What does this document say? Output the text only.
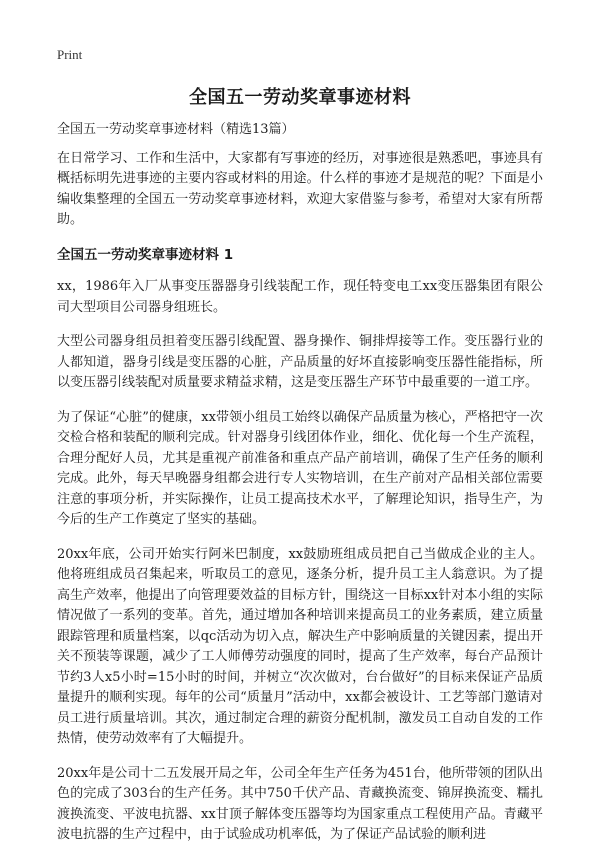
Print
全国五一劳动奖章事迹材料

全国五一劳动奖章事迹材料（精选13篇）

在日常学习、工作和生活中，大家都有写事迹的经历，对事迹很是熟悉吧，事迹具有概括标明先进事迹的主要内容或材料的用途。什么样的事迹才是规范的呢？下面是小编收集整理的全国五一劳动奖章事迹材料，欢迎大家借鉴与参考，希望对大家有所帮助。

全国五一劳动奖章事迹材料 1

xx，1986年入厂从事变压器器身引线装配工作，现任特变电工xx变压器集团有限公司大型项目公司器身组班长。

大型公司器身组员担着变压器引线配置、器身操作、铜排焊接等工作。变压器行业的人都知道，器身引线是变压器的心脏，产品质量的好坏直接影响变压器性能指标，所以变压器引线装配对质量要求精益求精，这是变压器生产环节中最重要的一道工序。

为了保证“心脏”的健康，xx带领小组员工始终以确保产品质量为核心，严格把守一次交检合格和装配的顺利完成。针对器身引线团体作业，细化、优化每一个生产流程，合理分配好人员，尤其是重视产前准备和重点产品产前培训，确保了生产任务的顺利完成。此外，每天早晚器身组都会进行专人实物培训，在生产前对产品相关部位需要注意的事项分析，并实际操作，让员工提高技术水平，了解理论知识，指导生产，为今后的生产工作奠定了坚实的基础。

20xx年底，公司开始实行阿米巴制度，xx鼓励班组成员把自己当做成企业的主人。他将班组成员召集起来，听取员工的意见，逐条分析，提升员工主人翁意识。为了提高生产效率，他提出了向管理要效益的目标方针，围绕这一目标xx针对本小组的实际情况做了一系列的变革。首先，通过增加各种培训来提高员工的业务素质，建立质量跟踪管理和质量档案，以qc活动为切入点，解决生产中影响质量的关键因素，提出开关不预装等课题，减少了工人师傅劳动强度的同时，提高了生产效率，每台产品预计节约3人x5小时=15小时的时间，并树立“次次做对，台台做好”的目标来保证产品质量提升的顺利实现。每年的公司“质量月”活动中，xx都会被设计、工艺等部门邀请对员工进行质量培训。其次，通过制定合理的薪资分配机制，激发员工自动自发的工作热情，使劳动效率有了大幅提升。

20xx年是公司十二五发展开局之年，公司全年生产任务为451台，他所带领的团队出色的完成了303台的生产任务。其中750千伏产品、青藏换流变、锦屏换流变、糯扎渡换流变、平波电抗器、xx甘顶子解体变压器等均为国家重点工程使用产品。青藏平波电抗器的生产过程中，由于试验成功机率低，为了保证产品试验的顺利进
